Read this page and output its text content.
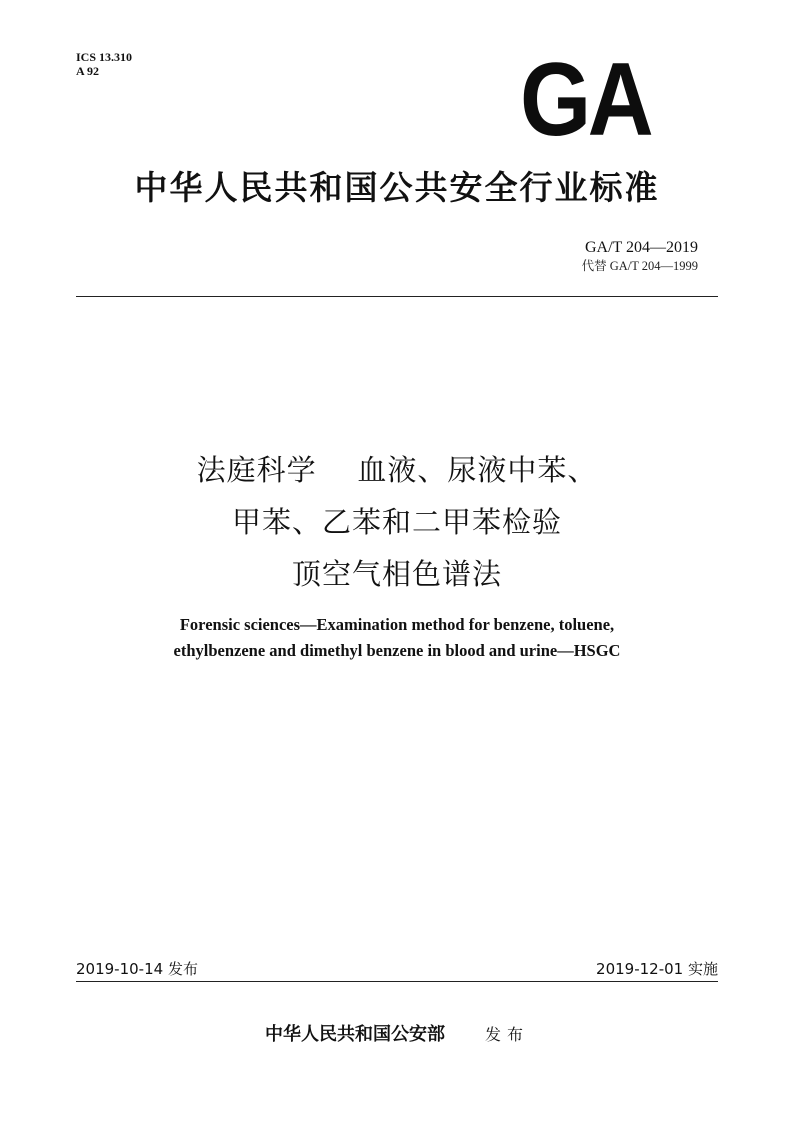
ICS 13.310
A 92	GA
中华人民共和国公共安全行业标准
GA/T 204—2019
代替 GA/T 204—1999
法庭科学    血液、尿液中苯、
甲苯、乙苯和二甲苯检验
顶空气相色谱法
Forensic sciences—Examination method for benzene, toluene,
ethylbenzene and dimethyl benzene in blood and urine—HSGC
2019-10-14 发布	2019-12-01 实施
中华人民共和国公安部	发布
